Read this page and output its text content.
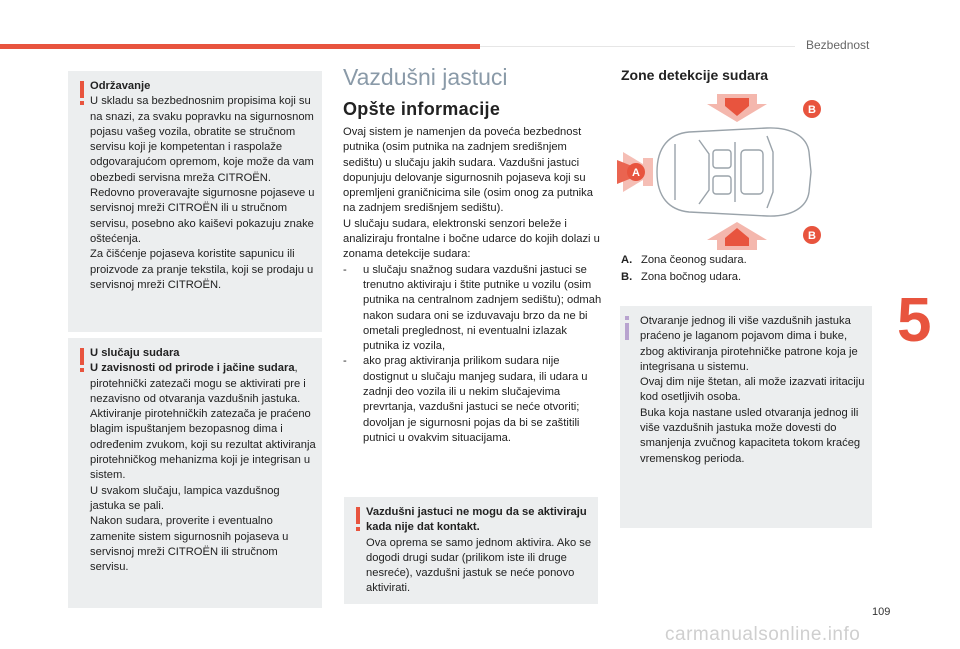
Bezbednost
5
109
carmanualsonline.info

Održavanje

U skladu sa bezbednosnim propisima koji su na snazi, za svaku popravku na sigurnosnom pojasu vašeg vozila, obratite se stručnom servisu koji je kompetentan i raspolaže odgovarajućom opremom, koje može da vam obezbedi servisna mreža CITROËN.

Redovno proveravajte sigurnosne pojaseve u servisnoj mreži CITROËN ili u stručnom servisu, posebno ako kaiševi pokazuju znake oštećenja.

Za čišćenje pojaseva koristite sapunicu ili proizvode za pranje tekstila, koji se prodaju u servisnoj mreži CITROËN.

U slučaju sudara

U zavisnosti od prirode i jačine sudara,

pirotehnički zatezači mogu se aktivirati pre i nezavisno od otvaranja vazdušnih jastuka. Aktiviranje pirotehničkih zatezača je praćeno blagim ispuštanjem bezopasnog dima i određenim zvukom, koji su rezultat aktiviranja pirotehničkog mehanizma koji je integrisan u sistem.

U svakom slučaju, lampica vazdušnog jastuka se pali.

Nakon sudara, proverite i eventualno zamenite sistem sigurnosnih pojaseva u servisnoj mreži CITROËN ili stručnom servisu.

Vazdušni jastuci
Opšte informacije

Ovaj sistem je namenjen da poveća bezbednost putnika (osim putnika na zadnjem središnjem sedištu) u slučaju jakih sudara. Vazdušni jastuci dopunjuju delovanje sigurnosnih pojaseva koji su opremljeni graničnicima sile (osim onog za putnika na zadnjem središnjem sedištu).

U slučaju sudara, elektronski senzori beleže i analiziraju frontalne i bočne udarce do kojih dolazi u zonama detekcije sudara:

-	u slučaju snažnog sudara vazdušni jastuci se trenutno aktiviraju i štite putnike u vozilu (osim putnika na centralnom zadnjem sedištu); odmah nakon sudara oni se izduvavaju brzo da ne bi ometali preglednost, ni eventualni izlazak putnika iz vozila,
-	ako prag aktiviranja prilikom sudara nije dostignut u slučaju manjeg sudara, ili udara u zadnji deo vozila ili u nekim slučajevima prevrtanja, vazdušni jastuci se neće otvoriti; dovoljan je sigurnosni pojas da bi se zaštitili putnici u ovakvim situacijama.

Vazdušni jastuci ne mogu da se aktiviraju kada nije dat kontakt.

Ova oprema se samo jednom aktivira. Ako se dogodi drugi sudar (prilikom iste ili druge nesreće), vazdušni jastuk se neće ponovo aktivirati.

Zone detekcije sudara
B
A
B
A. Zona čeonog sudara.
B. Zona bočnog udara.

Otvaranje jednog ili više vazdušnih jastuka praćeno je laganom pojavom dima i buke, zbog aktiviranja pirotehničke patrone koja je integrisana u sistemu.

Ovaj dim nije štetan, ali može izazvati iritaciju kod osetljivih osoba.

Buka koja nastane usled otvaranja jednog ili više vazdušnih jastuka može dovesti do smanjenja zvučnog kapaciteta tokom kraćeg vremenskog perioda.
